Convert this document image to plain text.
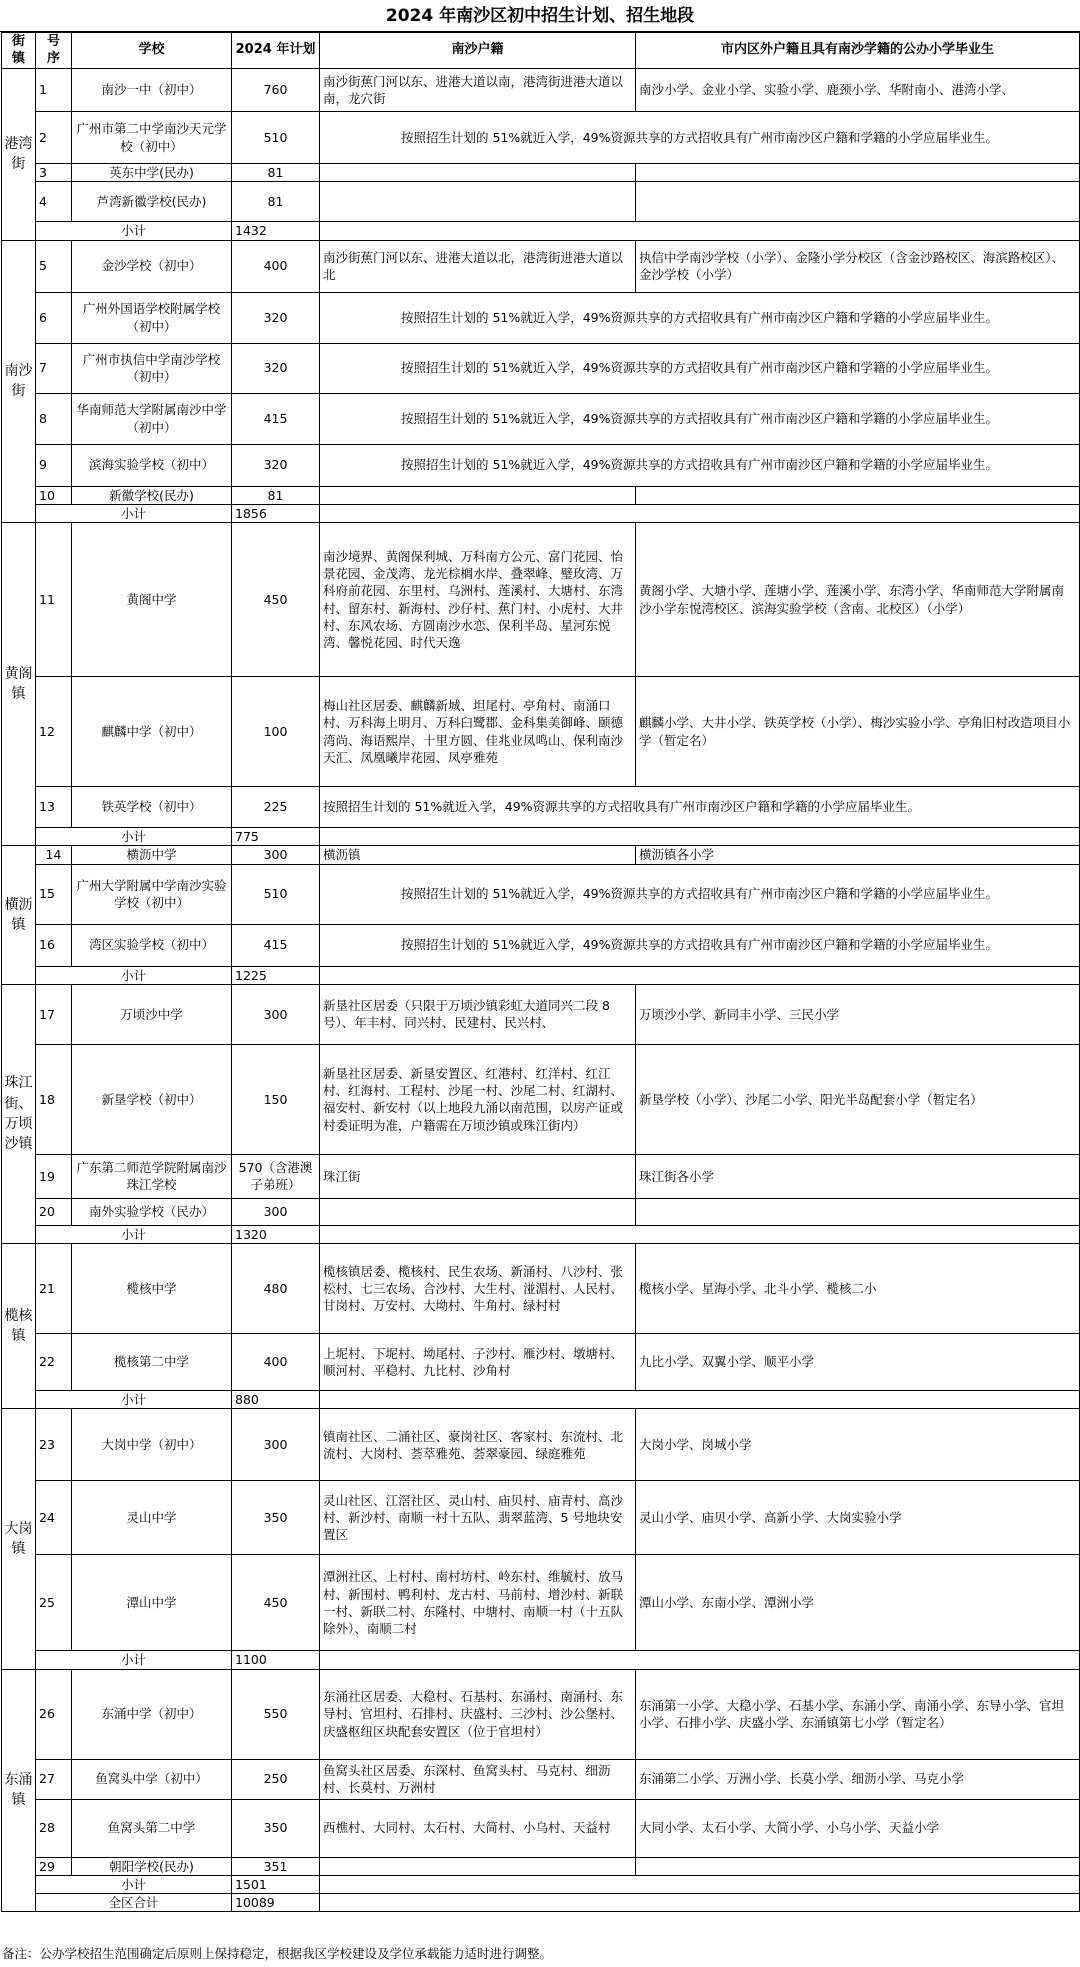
2024 年南沙区初中招生计划、招生地段
街 镇	号 序	学校	2024 年计划	南沙户籍	市内区外户籍且具有南沙学籍的公办小学毕业生
港湾街	1	南沙一中（初中）	760	南沙街蕉门河以东、进港大道以南，港湾街进港大道以南，龙穴街	南沙小学、金业小学、实验小学、鹿颈小学、华附南小、港湾小学、
	2	广州市第二中学南沙天元学校（初中）	510	按照招生计划的 51%就近入学，49%资源共享的方式招收具有广州市南沙区户籍和学籍的小学应届毕业生。	
	3	英东中学(民办)	81		
	4	芦湾新徽学校(民办)	81		
	小计		1432		
南沙街	5	金沙学校（初中）	400	南沙街蕉门河以东、进港大道以北，港湾街进港大道以北	执信中学南沙学校（小学）、金隆小学分校区（含金沙路校区、海滨路校区）、金沙学校（小学）
	6	广州外国语学校附属学校（初中）	320	按照招生计划的 51%就近入学，49%资源共享的方式招收具有广州市南沙区户籍和学籍的小学应届毕业生。	
	7	广州市执信中学南沙学校（初中）	320	按照招生计划的 51%就近入学，49%资源共享的方式招收具有广州市南沙区户籍和学籍的小学应届毕业生。	
	8	华南师范大学附属南沙中学（初中）	415	按照招生计划的 51%就近入学，49%资源共享的方式招收具有广州市南沙区户籍和学籍的小学应届毕业生。	
	9	滨海实验学校（初中）	320	按照招生计划的 51%就近入学，49%资源共享的方式招收具有广州市南沙区户籍和学籍的小学应届毕业生。	
	10	新徽学校(民办)	81		
	小计		1856		
黄阁镇	11	黄阁中学	450	南沙境界、黄阁保利城、万科南方公元、富门花园、怡景花园、金茂湾、龙光棕榈水岸、叠翠峰、璧玫湾、万科府前花园、东里村、乌洲村、莲溪村、大塘村、东湾村、留东村、新海村、沙仔村、蕉门村、小虎村、大井村、东风农场、方圆南沙水恋、保利半岛、星河东悦湾、馨悦花园、时代天逸	黄阁小学、大塘小学、莲塘小学、莲溪小学、东湾小学、华南师范大学附属南沙小学东悦湾校区、滨海实验学校（含南、北校区）（小学）
	12	麒麟中学（初中）	100	梅山社区居委、麒麟新城、坦尾村、亭角村、南涌口村、万科海上明月、万科臼鹭郡、金科集美御峰、颐德湾尚、海语熙岸、十里方圆、佳兆业凤鸣山、保利南沙天汇、凤凰曦岸花园、凤亭雅苑	麒麟小学、大井小学、铁英学校（小学）、梅沙实验小学、亭角旧村改造项目小学（暂定名）
	13	铁英学校（初中）	225	按照招生计划的 51%就近入学，49%资源共享的方式招收具有广州市南沙区户籍和学籍的小学应届毕业生。	
	小计		775		
横沥镇	14	横沥中学	300	横沥镇	横沥镇各小学
	15	广州大学附属中学南沙实验学校（初中）	510	按照招生计划的 51%就近入学，49%资源共享的方式招收具有广州市南沙区户籍和学籍的小学应届毕业生。	
	16	湾区实验学校（初中）	415	按照招生计划的 51%就近入学，49%资源共享的方式招收具有广州市南沙区户籍和学籍的小学应届毕业生。	
	小计		1225		
珠江街、万顷沙镇	17	万顷沙中学	300	新垦社区居委（只限于万顷沙镇彩虹大道同兴二段 8 号）、年丰村、同兴村、民建村、民兴村、	万顷沙小学、新同丰小学、三民小学
	18	新垦学校（初中）	150	新垦社区居委、新垦安置区、红港村、红洋村、红江村、红海村、工程村、沙尾一村、沙尾二村、红湖村、福安村、新安村（以上地段九涌以南范围，以房产证或村委证明为准，户籍需在万顷沙镇或珠江街内）	新垦学校（小学）、沙尾二小学、阳光半岛配套小学（暂定名）
	19	广东第二师范学院附属南沙珠江学校	570（含港澳子弟班）	珠江街	珠江街各小学
	20	南外实验学校（民办）	300		
	小计		1320		
榄核镇	21	榄核中学	480	榄核镇居委、榄核村、民生农场、新涌村、八沙村、张松村、七三农场、合沙村、大生村、湴湄村、人民村、甘岗村、万安村、大坳村、牛角村、绿村村	榄核小学、星海小学、北斗小学、榄核二小
	22	榄核第二中学	400	上坭村、下坭村、坳尾村、子沙村、雁沙村、墩塘村、顺河村、平稳村、九比村、沙角村	九比小学、双翼小学、顺平小学
	小计		880		
大岗镇	23	大岗中学（初中）	300	镇南社区、二涌社区、豪岗社区、客家村、东流村、北流村、大岗村、荟萃雅苑、荟翠豪园、绿庭雅苑	大岗小学、岗城小学
	24	灵山中学	350	灵山社区、江滘社区、灵山村、庙贝村、庙青村、高沙村、新沙村、南顺一村十五队、翡翠蓝湾、5 号地块安置区	灵山小学、庙贝小学、高新小学、大岗实验小学
	25	潭山中学	450	潭洲社区、上村村、南村坊村、岭东村、维毓村、放马村、新围村、鸭利村、龙古村、马前村、增沙村、新联一村、新联二村、东隆村、中塘村、南顺一村（十五队除外）、南顺二村	潭山小学、东南小学、潭洲小学
	小计		1100		
东涌镇	26	东涌中学（初中）	550	东涌社区居委、大稳村、石基村、东涌村、南涌村、东导村、官坦村、石排村、庆盛村、三沙村、沙公堡村、庆盛枢纽区块配套安置区（位于官坦村）	东涌第一小学、大稳小学、石基小学、东涌小学、南涌小学、东导小学、官坦小学、石排小学、庆盛小学、东涌镇第七小学（暂定名）
	27	鱼窝头中学（初中）	250	鱼窝头社区居委、东深村、鱼窝头村、马克村、细沥村、长莫村、万洲村	东涌第二小学、万洲小学、长莫小学、细沥小学、马克小学
	28	鱼窝头第二中学	350	西樵村、大同村、太石村、大简村、小乌村、天益村	大同小学、太石小学、大简小学、小乌小学、天益小学
	29	朝阳学校(民办)	351		
	小计		1501		
	全区合计		10089		
备注：公办学校招生范围确定后原则上保持稳定，根据我区学校建设及学位承载能力适时进行调整。
